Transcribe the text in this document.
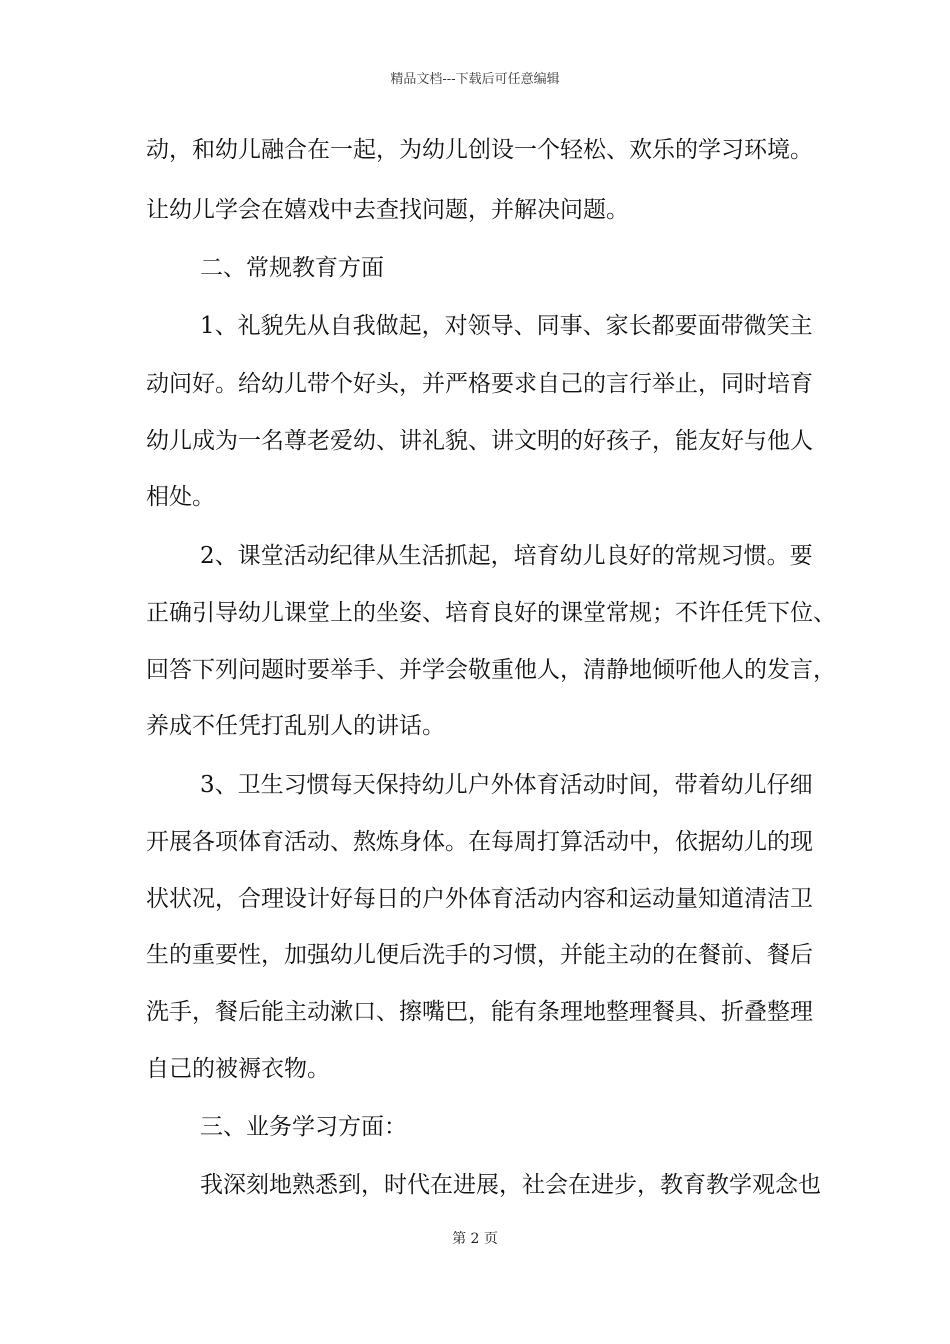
精品文档---下载后可任意编辑
动，和幼儿融合在一起，为幼儿创设一个轻松、欢乐的学习环境。
让幼儿学会在嬉戏中去查找问题，并解决问题。
二、常规教育方面
1、礼貌先从自我做起，对领导、同事、家长都要面带微笑主
动问好。给幼儿带个好头，并严格要求自己的言行举止，同时培育
幼儿成为一名尊老爱幼、讲礼貌、讲文明的好孩子，能友好与他人
相处。
2、课堂活动纪律从生活抓起，培育幼儿良好的常规习惯。要
正确引导幼儿课堂上的坐姿、培育良好的课堂常规；不许任凭下位、
回答下列问题时要举手、并学会敬重他人，清静地倾听他人的发言，
养成不任凭打乱别人的讲话。
3、卫生习惯每天保持幼儿户外体育活动时间，带着幼儿仔细
开展各项体育活动、熬炼身体。在每周打算活动中，依据幼儿的现
状状况，合理设计好每日的户外体育活动内容和运动量知道清洁卫
生的重要性，加强幼儿便后洗手的习惯，并能主动的在餐前、餐后
洗手，餐后能主动漱口、擦嘴巴，能有条理地整理餐具、折叠整理
自己的被褥衣物。
三、业务学习方面：
我深刻地熟悉到，时代在进展，社会在进步，教育教学观念也
第 2 页
